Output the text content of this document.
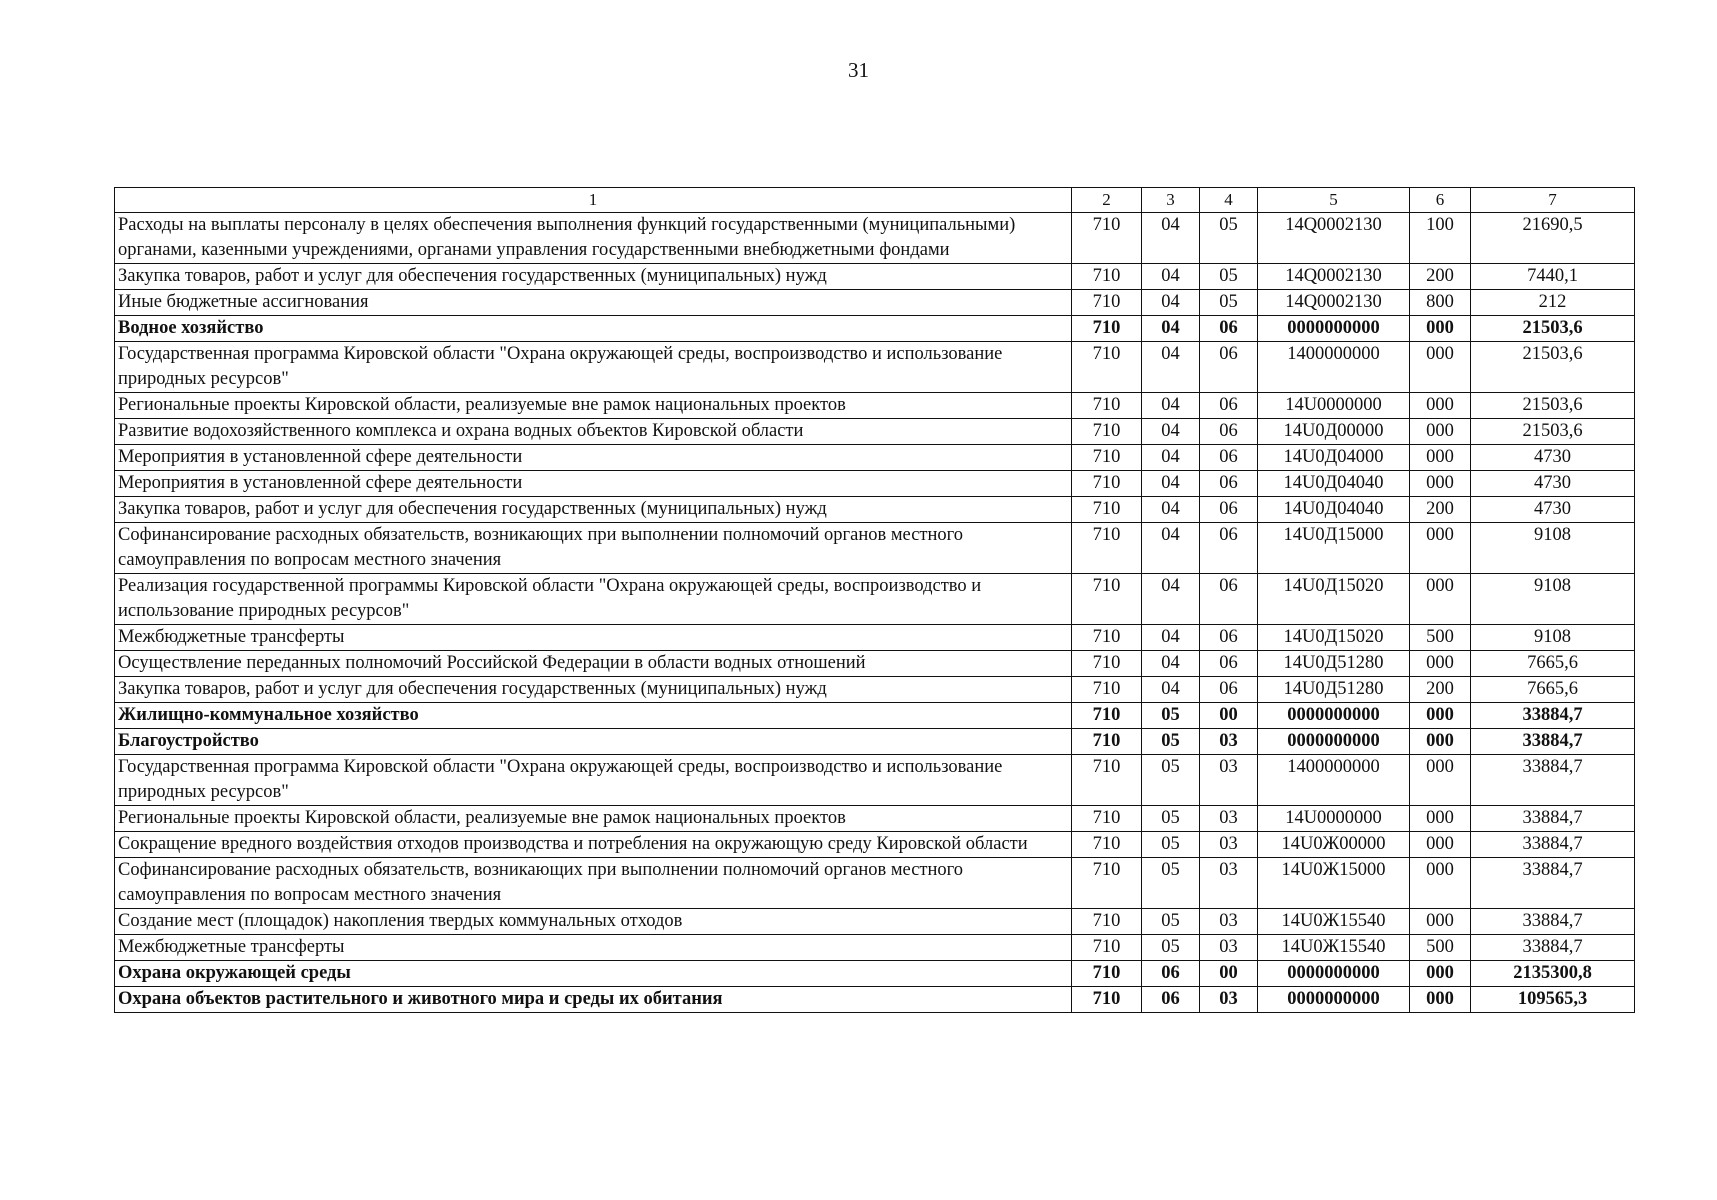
31
1	2	3	4	5	6	7
Расходы на выплаты персоналу в целях обеспечения выполнения функций государственными (муниципальными) органами, казенными учреждениями, органами управления государственными внебюджетными фондами	710	04	05	14Q0002130	100	21690,5
Закупка товаров, работ и услуг для обеспечения государственных (муниципальных) нужд	710	04	05	14Q0002130	200	7440,1
Иные бюджетные ассигнования	710	04	05	14Q0002130	800	212
Водное хозяйство	710	04	06	0000000000	000	21503,6
Государственная программа Кировской области "Охрана окружающей среды, воспроизводство и использование природных ресурсов"	710	04	06	1400000000	000	21503,6
Региональные проекты Кировской области, реализуемые вне рамок национальных проектов	710	04	06	14U0000000	000	21503,6
Развитие водохозяйственного комплекса и охрана водных объектов Кировской области	710	04	06	14U0Д00000	000	21503,6
Мероприятия в установленной сфере деятельности	710	04	06	14U0Д04000	000	4730
Мероприятия в установленной сфере деятельности	710	04	06	14U0Д04040	000	4730
Закупка товаров, работ и услуг для обеспечения государственных (муниципальных) нужд	710	04	06	14U0Д04040	200	4730
Софинансирование расходных обязательств, возникающих при выполнении полномочий органов местного самоуправления по вопросам местного значения	710	04	06	14U0Д15000	000	9108
Реализация государственной программы Кировской области "Охрана окружающей среды, воспроизводство и использование природных ресурсов"	710	04	06	14U0Д15020	000	9108
Межбюджетные трансферты	710	04	06	14U0Д15020	500	9108
Осуществление переданных полномочий Российской Федерации в области водных отношений	710	04	06	14U0Д51280	000	7665,6
Закупка товаров, работ и услуг для обеспечения государственных (муниципальных) нужд	710	04	06	14U0Д51280	200	7665,6
Жилищно-коммунальное хозяйство	710	05	00	0000000000	000	33884,7
Благоустройство	710	05	03	0000000000	000	33884,7
Государственная программа Кировской области "Охрана окружающей среды, воспроизводство и использование природных ресурсов"	710	05	03	1400000000	000	33884,7
Региональные проекты Кировской области, реализуемые вне рамок национальных проектов	710	05	03	14U0000000	000	33884,7
Сокращение вредного воздействия отходов производства и потребления на окружающую среду Кировской области	710	05	03	14U0Ж00000	000	33884,7
Софинансирование расходных обязательств, возникающих при выполнении полномочий органов местного самоуправления по вопросам местного значения	710	05	03	14U0Ж15000	000	33884,7
Создание мест (площадок) накопления твердых коммунальных отходов	710	05	03	14U0Ж15540	000	33884,7
Межбюджетные трансферты	710	05	03	14U0Ж15540	500	33884,7
Охрана окружающей среды	710	06	00	0000000000	000	2135300,8
Охрана объектов растительного и животного мира и среды их обитания	710	06	03	0000000000	000	109565,3
